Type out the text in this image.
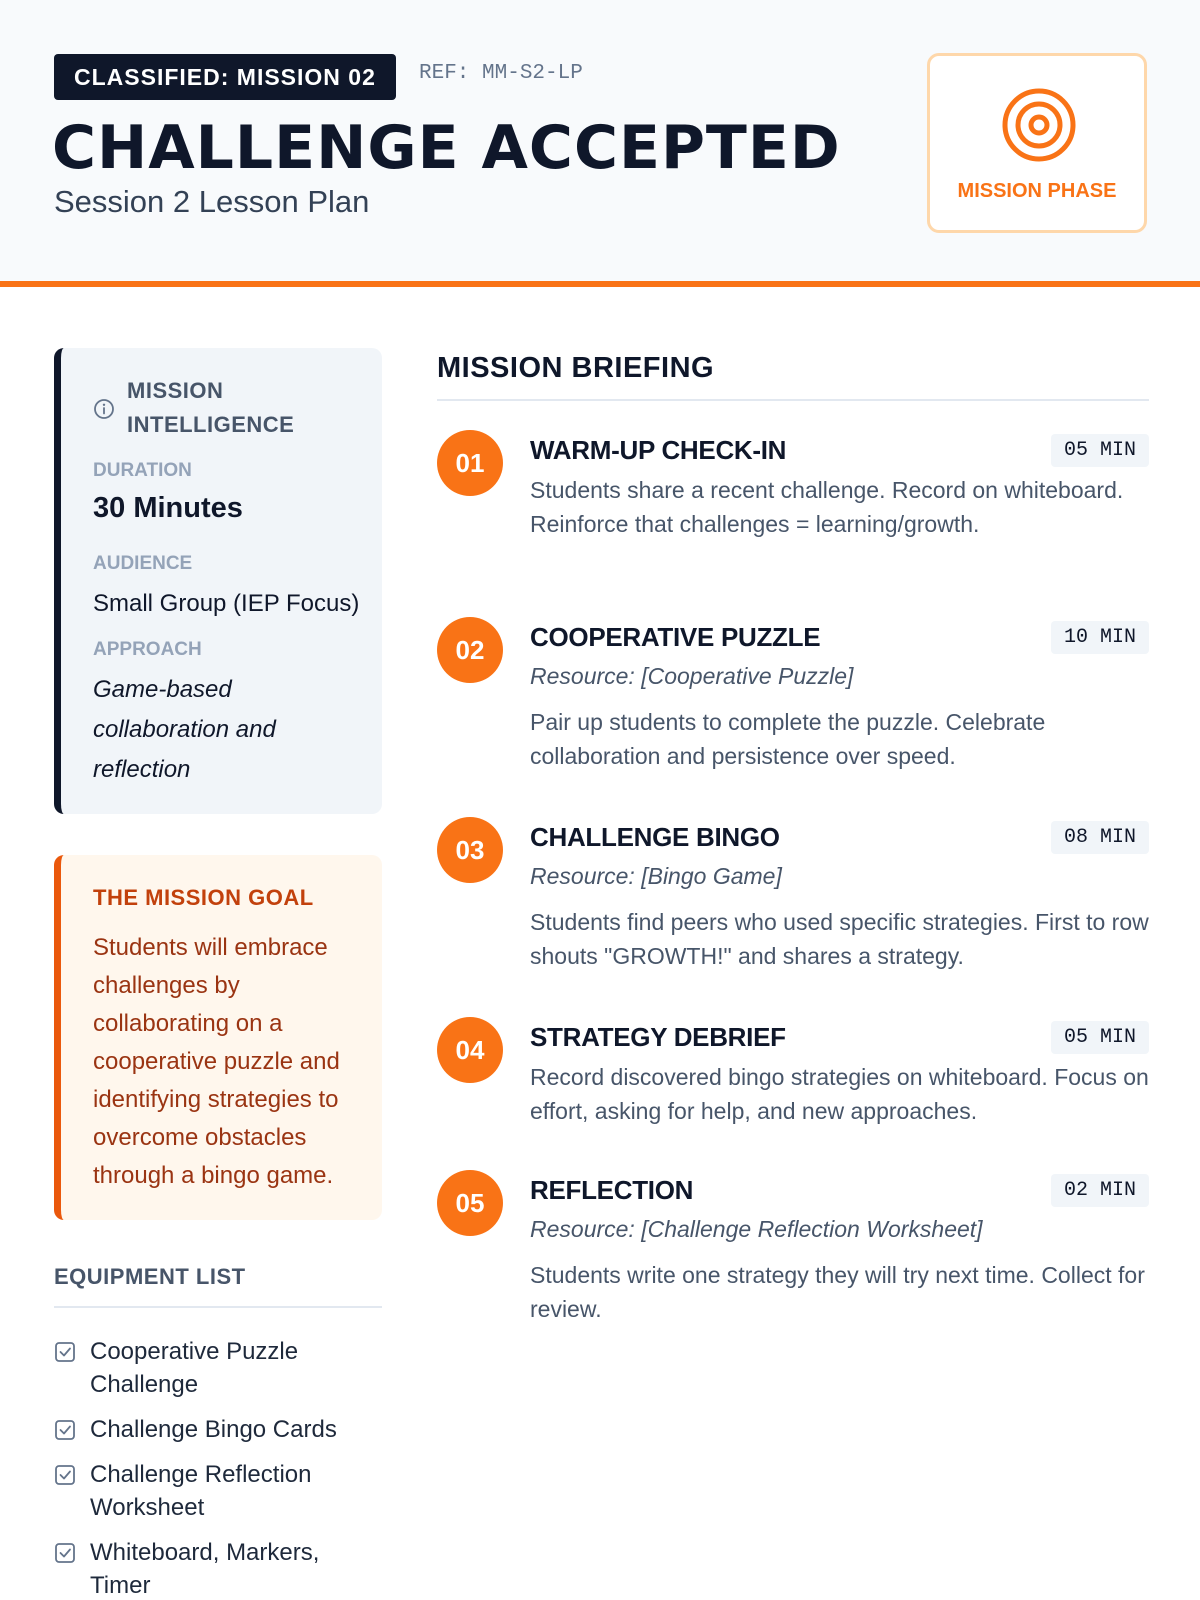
CLASSIFIED: MISSION 02	REF: MM-S2-LP
CHALLENGE ACCEPTED
Session 2 Lesson Plan	MISSION PHASE
MISSION INTELLIGENCE
DURATION
30 Minutes
AUDIENCE
Small Group (IEP Focus)
APPROACH
Game-based collaboration and reflection
THE MISSION GOAL
Students will embrace challenges by collaborating on a cooperative puzzle and identifying strategies to overcome obstacles through a bingo game.
EQUIPMENT LIST
Cooperative Puzzle Challenge
Challenge Bingo Cards
Challenge Reflection Worksheet
Whiteboard, Markers, Timer
MISSION BRIEFING
01	WARM-UP CHECK-IN	05 MIN
Students share a recent challenge. Record on whiteboard. Reinforce that challenges = learning/growth.
02	COOPERATIVE PUZZLE	10 MIN
Resource: [Cooperative Puzzle]
Pair up students to complete the puzzle. Celebrate collaboration and persistence over speed.
03	CHALLENGE BINGO	08 MIN
Resource: [Bingo Game]
Students find peers who used specific strategies. First to row shouts "GROWTH!" and shares a strategy.
04	STRATEGY DEBRIEF	05 MIN
Record discovered bingo strategies on whiteboard. Focus on effort, asking for help, and new approaches.
05	REFLECTION	02 MIN
Resource: [Challenge Reflection Worksheet]
Students write one strategy they will try next time. Collect for review.
